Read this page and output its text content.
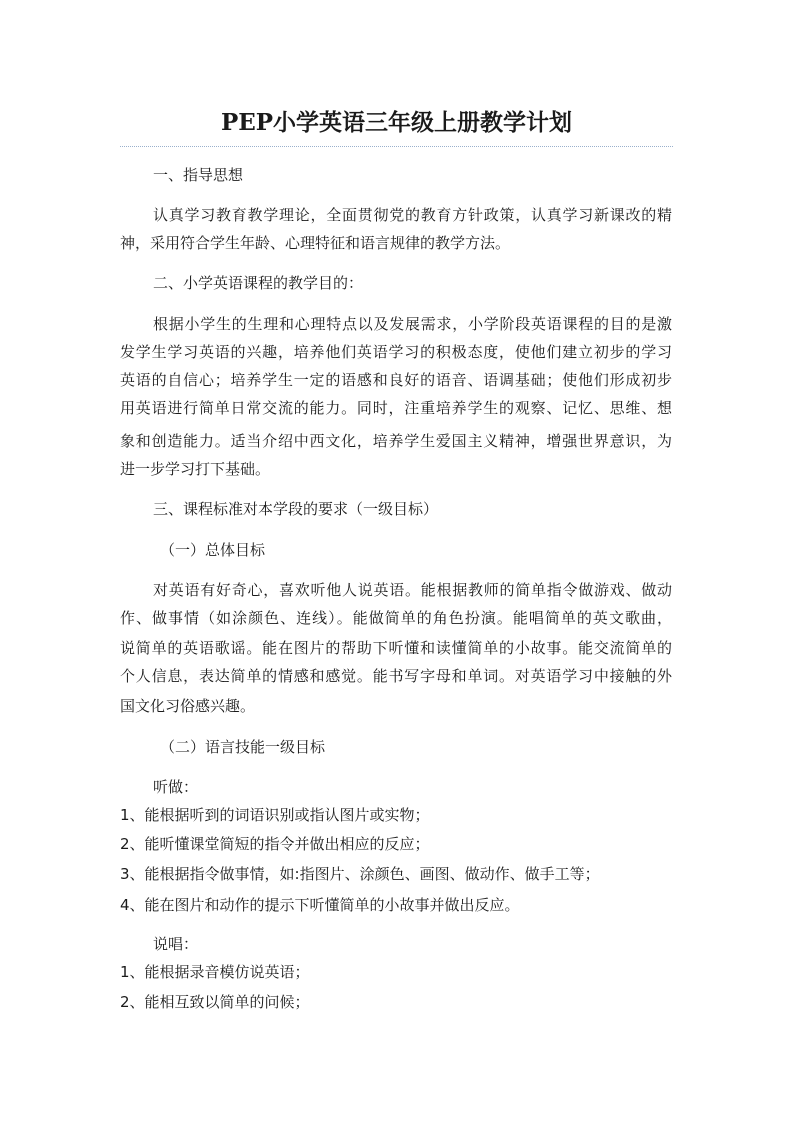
PEP小学英语三年级上册教学计划

一、指导思想

认真学习教育教学理论，全面贯彻党的教育方针政策，认真学习新课改的精

神，采用符合学生年龄、心理特征和语言规律的教学方法。

二、小学英语课程的教学目的：

根据小学生的生理和心理特点以及发展需求，小学阶段英语课程的目的是激

发学生学习英语的兴趣，培养他们英语学习的积极态度，使他们建立初步的学习

英语的自信心；培养学生一定的语感和良好的语音、语调基础；使他们形成初步

用英语进行简单日常交流的能力。同时，注重培养学生的观察、记忆、思维、想

象和创造能力。适当介绍中西文化，培养学生爱国主义精神，增强世界意识，为

进一步学习打下基础。

三、课程标准对本学段的要求（一级目标）

（一）总体目标

对英语有好奇心，喜欢听他人说英语。能根据教师的简单指令做游戏、做动

作、做事情（如涂颜色、连线）。能做简单的角色扮演。能唱简单的英文歌曲，

说简单的英语歌谣。能在图片的帮助下听懂和读懂简单的小故事。能交流简单的

个人信息，表达简单的情感和感觉。能书写字母和单词。对英语学习中接触的外

国文化习俗感兴趣。

（二）语言技能一级目标

听做：

1、能根据听到的词语识别或指认图片或实物；

2、能听懂课堂简短的指令并做出相应的反应；

3、能根据指令做事情，如:指图片、涂颜色、画图、做动作、做手工等；

4、能在图片和动作的提示下听懂简单的小故事并做出反应。

说唱：

1、能根据录音模仿说英语；

2、能相互致以简单的问候；
